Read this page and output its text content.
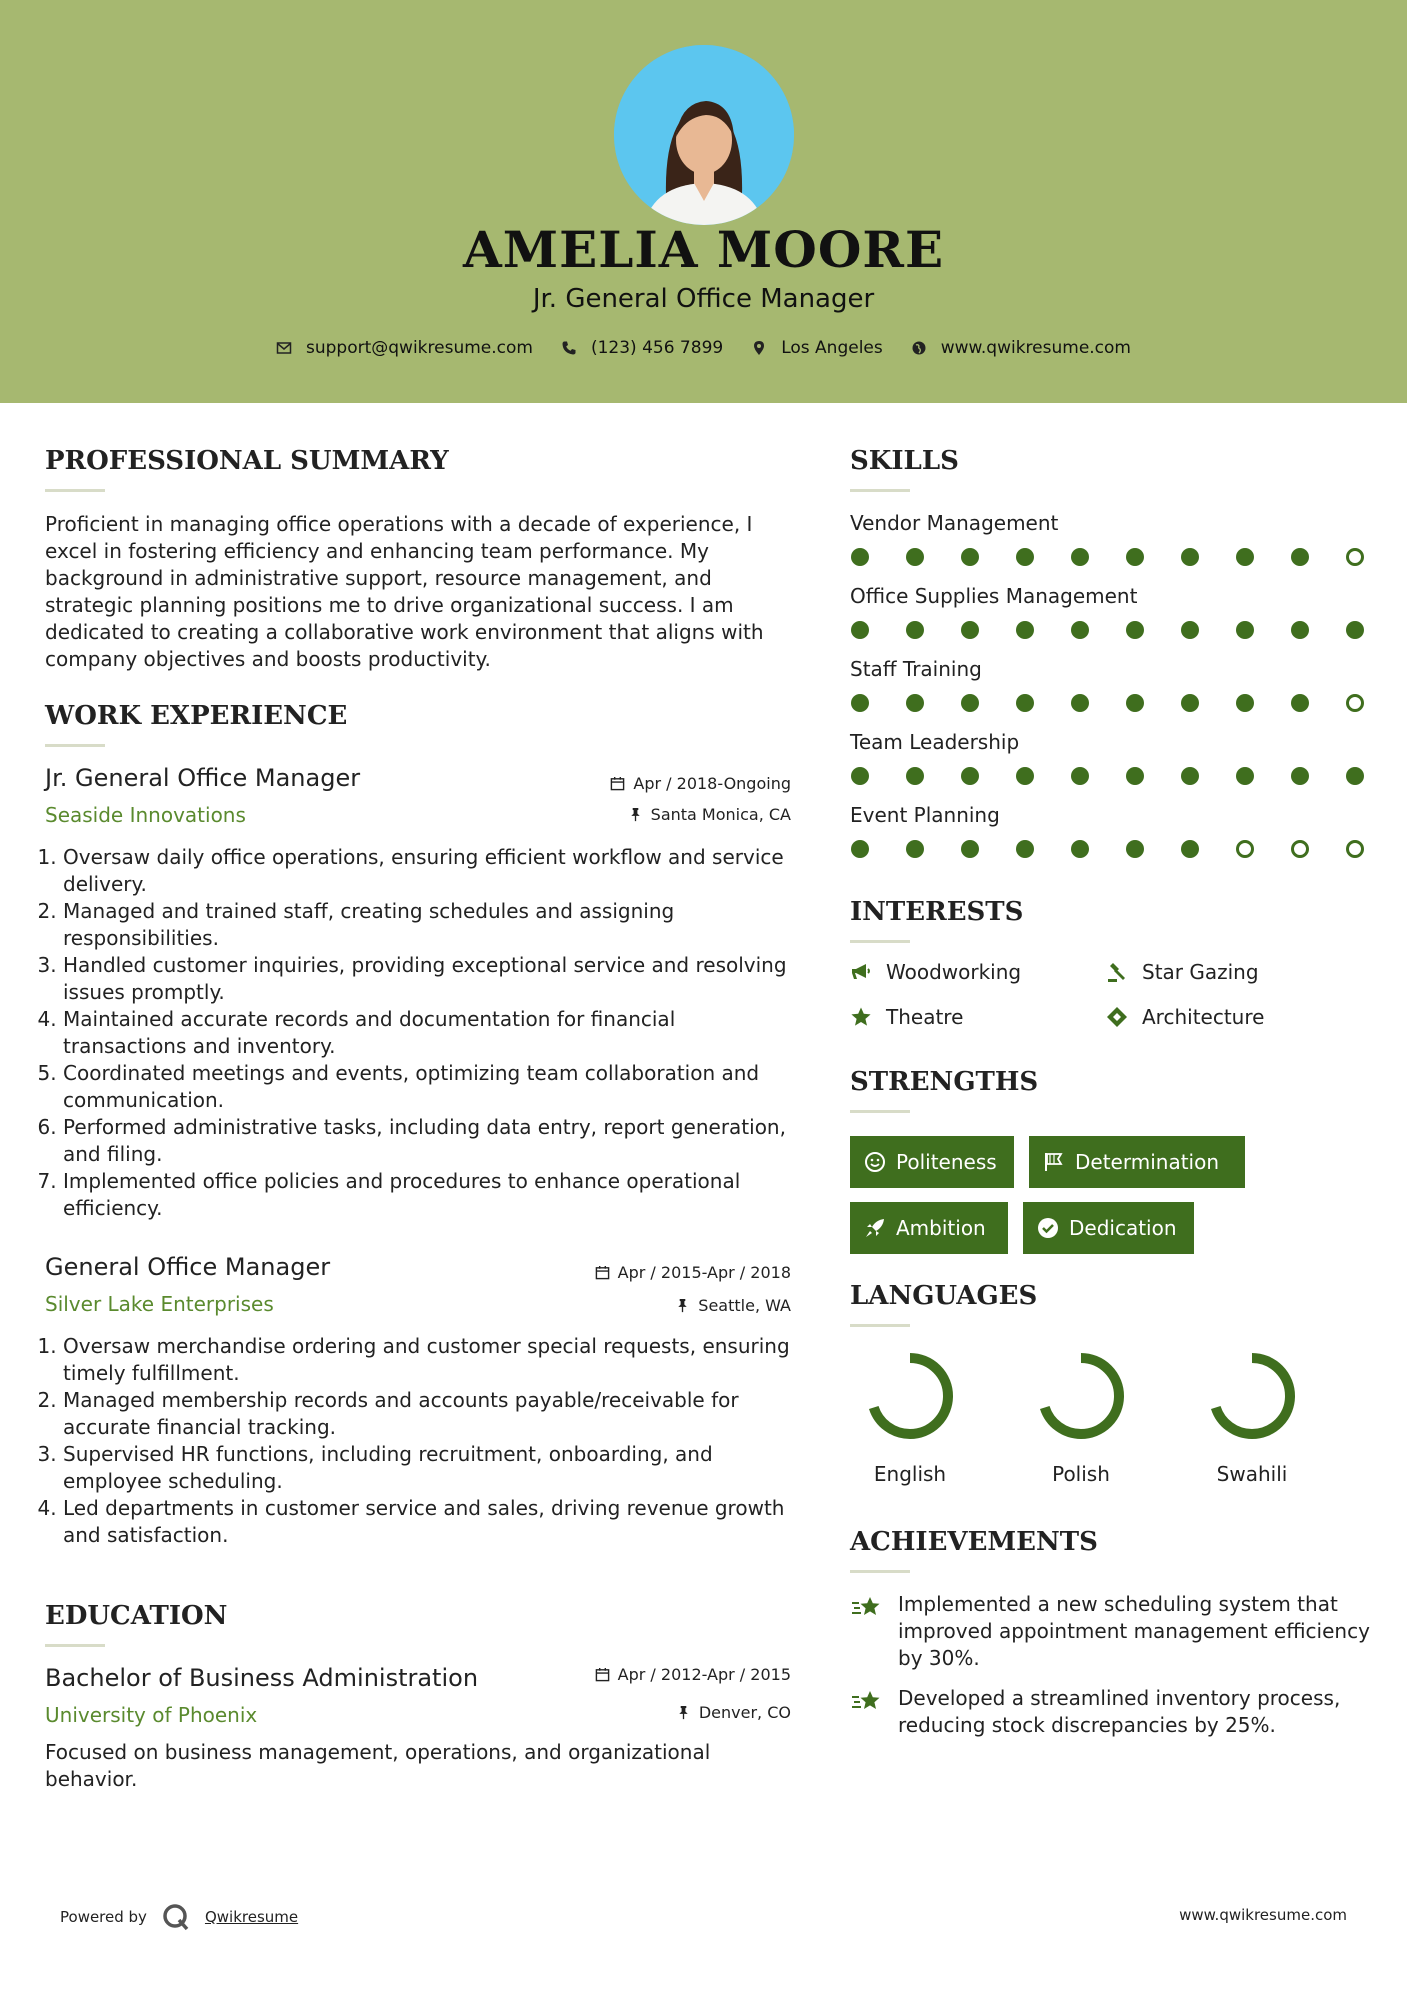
AMELIA MOORE
Jr. General Office Manager
support@qwikresume.com	(123) 456 7899	Los Angeles	www.qwikresume.com
PROFESSIONAL SUMMARY
Proficient in managing office operations with a decade of experience, I excel in fostering efficiency and enhancing team performance. My background in administrative support, resource management, and strategic planning positions me to drive organizational success. I am dedicated to creating a collaborative work environment that aligns with company objectives and boosts productivity.
WORK EXPERIENCE
Jr. General Office Manager	Apr / 2018-Ongoing
Seaside Innovations	Santa Monica, CA
1. Oversaw daily office operations, ensuring efficient workflow and service delivery.
2. Managed and trained staff, creating schedules and assigning responsibilities.
3. Handled customer inquiries, providing exceptional service and resolving issues promptly.
4. Maintained accurate records and documentation for financial transactions and inventory.
5. Coordinated meetings and events, optimizing team collaboration and communication.
6. Performed administrative tasks, including data entry, report generation, and filing.
7. Implemented office policies and procedures to enhance operational efficiency.
General Office Manager	Apr / 2015-Apr / 2018
Silver Lake Enterprises	Seattle, WA
1. Oversaw merchandise ordering and customer special requests, ensuring timely fulfillment.
2. Managed membership records and accounts payable/receivable for accurate financial tracking.
3. Supervised HR functions, including recruitment, onboarding, and employee scheduling.
4. Led departments in customer service and sales, driving revenue growth and satisfaction.
EDUCATION
Bachelor of Business Administration	Apr / 2012-Apr / 2015
University of Phoenix	Denver, CO
Focused on business management, operations, and organizational behavior.
SKILLS
Vendor Management
Office Supplies Management
Staff Training
Team Leadership
Event Planning
INTERESTS
Woodworking	Star Gazing
Theatre	Architecture
STRENGTHS
Politeness	Determination
Ambition	Dedication
LANGUAGES
English	Polish	Swahili
ACHIEVEMENTS
Implemented a new scheduling system that improved appointment management efficiency by 30%.
Developed a streamlined inventory process, reducing stock discrepancies by 25%.
Powered by	Qwikresume	www.qwikresume.com
